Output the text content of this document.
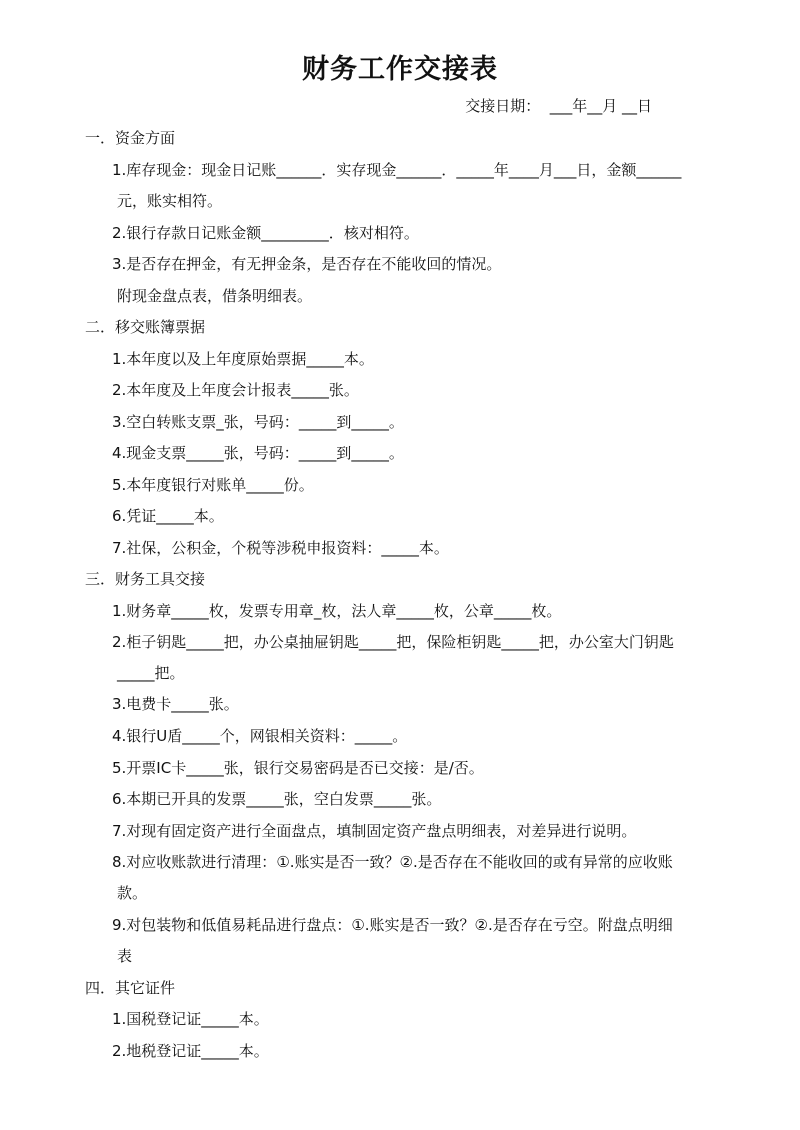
财务工作交接表
交接日期：  ___年__月 __日
一．资金方面
1.库存现金：现金日记账______．实存现金______．_____年____月___日，金额______
元，账实相符。
2.银行存款日记账金额_________．核对相符。
3.是否存在押金，有无押金条，是否存在不能收回的情况。
附现金盘点表，借条明细表。
二．移交账簿票据
1.本年度以及上年度原始票据_____本。
2.本年度及上年度会计报表_____张。
3.空白转账支票_张，号码：_____到_____。
4.现金支票_____张，号码：_____到_____。
5.本年度银行对账单_____份。
6.凭证_____本。
7.社保，公积金，个税等涉税申报资料：_____本。
三．财务工具交接
1.财务章_____枚，发票专用章_枚，法人章_____枚，公章_____枚。
2.柜子钥匙_____把，办公桌抽屉钥匙_____把，保险柜钥匙_____把，办公室大门钥匙
_____把。
3.电费卡_____张。
4.银行U盾_____个，网银相关资料：_____。
5.开票IC卡_____张，银行交易密码是否已交接：是/否。
6.本期已开具的发票_____张，空白发票_____张。
7.对现有固定资产进行全面盘点，填制固定资产盘点明细表，对差异进行说明。
8.对应收账款进行清理：①.账实是否一致？②.是否存在不能收回的或有异常的应收账
款。
9.对包装物和低值易耗品进行盘点：①.账实是否一致？②.是否存在亏空。附盘点明细
表
四．其它证件
1.国税登记证_____本。
2.地税登记证_____本。
